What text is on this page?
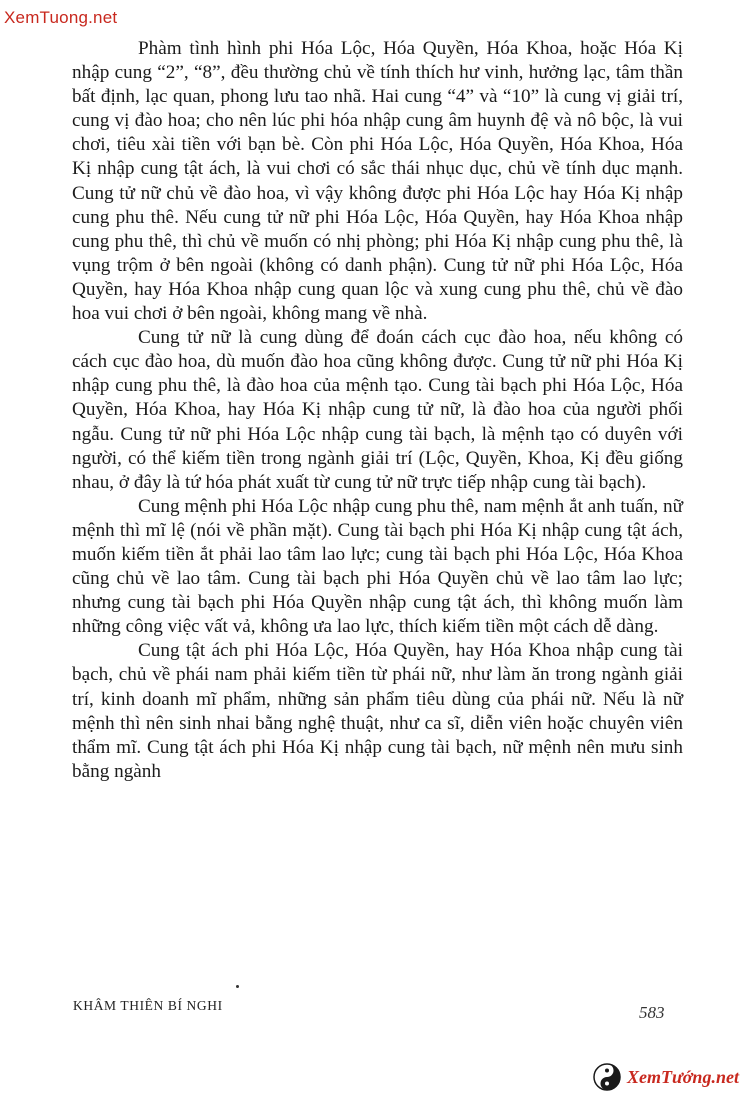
XemTuong.net

Phàm tình hình phi Hóa Lộc, Hóa Quyền, Hóa Khoa, hoặc Hóa Kị nhập cung “2”, “8”, đều thường chủ về tính thích hư vinh, hưởng lạc, tâm thần bất định, lạc quan, phong lưu tao nhã. Hai cung “4” và “10” là cung vị giải trí, cung vị đào hoa; cho nên lúc phi hóa nhập cung âm huynh đệ và nô bộc, là vui chơi, tiêu xài tiền với bạn bè. Còn phi Hóa Lộc, Hóa Quyền, Hóa Khoa, Hóa Kị nhập cung tật ách, là vui chơi có sắc thái nhục dục, chủ về tính dục mạnh. Cung tử nữ chủ về đào hoa, vì vậy không được phi Hóa Lộc hay Hóa Kị nhập cung phu thê. Nếu cung tử nữ phi Hóa Lộc, Hóa Quyền, hay Hóa Khoa nhập cung phu thê, thì chủ về muốn có nhị phòng; phi Hóa Kị nhập cung phu thê, là vụng trộm ở bên ngoài (không có danh phận). Cung tử nữ phi Hóa Lộc, Hóa Quyền, hay Hóa Khoa nhập cung quan lộc và xung cung phu thê, chủ về đào hoa vui chơi ở bên ngoài, không mang về nhà.

Cung tử nữ là cung dùng để đoán cách cục đào hoa, nếu không có cách cục đào hoa, dù muốn đào hoa cũng không được. Cung tử nữ phi Hóa Kị nhập cung phu thê, là đào hoa của mệnh tạo. Cung tài bạch phi Hóa Lộc, Hóa Quyền, Hóa Khoa, hay Hóa Kị nhập cung tử nữ, là đào hoa của người phối ngẫu. Cung tử nữ phi Hóa Lộc nhập cung tài bạch, là mệnh tạo có duyên với người, có thể kiếm tiền trong ngành giải trí (Lộc, Quyền, Khoa, Kị đều giống nhau, ở đây là tứ hóa phát xuất từ cung tử nữ trực tiếp nhập cung tài bạch).

Cung mệnh phi Hóa Lộc nhập cung phu thê, nam mệnh ắt anh tuấn, nữ mệnh thì mĩ lệ (nói về phần mặt). Cung tài bạch phi Hóa Kị nhập cung tật ách, muốn kiếm tiền ắt phải lao tâm lao lực; cung tài bạch phi Hóa Lộc, Hóa Khoa cũng chủ về lao tâm. Cung tài bạch phi Hóa Quyền chủ về lao tâm lao lực; nhưng cung tài bạch phi Hóa Quyền nhập cung tật ách, thì không muốn làm những công việc vất vả, không ưa lao lực, thích kiếm tiền một cách dễ dàng.

Cung tật ách phi Hóa Lộc, Hóa Quyền, hay Hóa Khoa nhập cung tài bạch, chủ về phái nam phải kiếm tiền từ phái nữ, như làm ăn trong ngành giải trí, kinh doanh mĩ phẩm, những sản phẩm tiêu dùng của phái nữ. Nếu là nữ mệnh thì nên sinh nhai bằng nghệ thuật, như ca sĩ, diễn viên hoặc chuyên viên thẩm mĩ. Cung tật ách phi Hóa Kị nhập cung tài bạch, nữ mệnh nên mưu sinh bằng ngành

KHÂM THIÊN BÍ NGHI	583
XemTướng.net
